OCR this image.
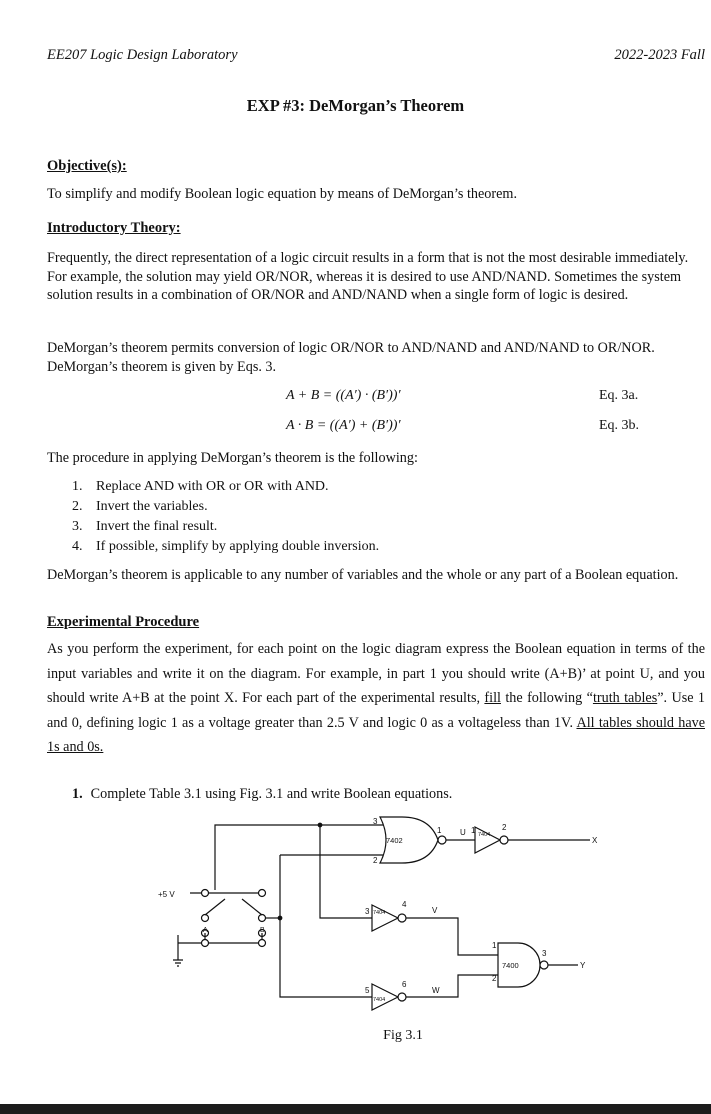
EE207 Logic Design Laboratory	2022-2023 Fall
EXP #3: DeMorgan’s Theorem
Objective(s):
To simplify and modify Boolean logic equation by means of DeMorgan’s theorem.
Introductory Theory:
Frequently, the direct representation of a logic circuit results in a form that is not the most desirable immediately. For example, the solution may yield OR/NOR, whereas it is desired to use AND/NAND. Sometimes the system solution results in a combination of OR/NOR and AND/NAND when a single form of logic is desired.
DeMorgan’s theorem permits conversion of logic OR/NOR to AND/NAND and AND/NAND to OR/NOR. DeMorgan’s theorem is given by Eqs. 3.
A + B = ((A′) · (B′))′	Eq. 3a.
A · B = ((A′) + (B′))′	Eq. 3b.
The procedure in applying DeMorgan’s theorem is the following:
1. Replace AND with OR or OR with AND.
2. Invert the variables.
3. Invert the final result.
4. If possible, simplify by applying double inversion.
DeMorgan’s theorem is applicable to any number of variables and the whole or any part of a Boolean equation.
Experimental Procedure
As you perform the experiment, for each point on the logic diagram express the Boolean equation in terms of the input variables and write it on the diagram. For example, in part 1 you should write (A+B)’ at point U, and you should write A+B at the point X. For each part of the experimental results, fill the following “truth tables”. Use 1 and 0, defining logic 1 as a voltage greater than 2.5 V and logic 0 as a voltageless than 1V. All tables should have 1s and 0s.
1. Complete Table 3.1 using Fig. 3.1 and write Boolean equations.
+5 V
A	B
7402
3
2
1 U 7404
1	2
X
7404
3
4
V
7404
5
6
W
7400
1
2
3
Y
Fig 3.1
